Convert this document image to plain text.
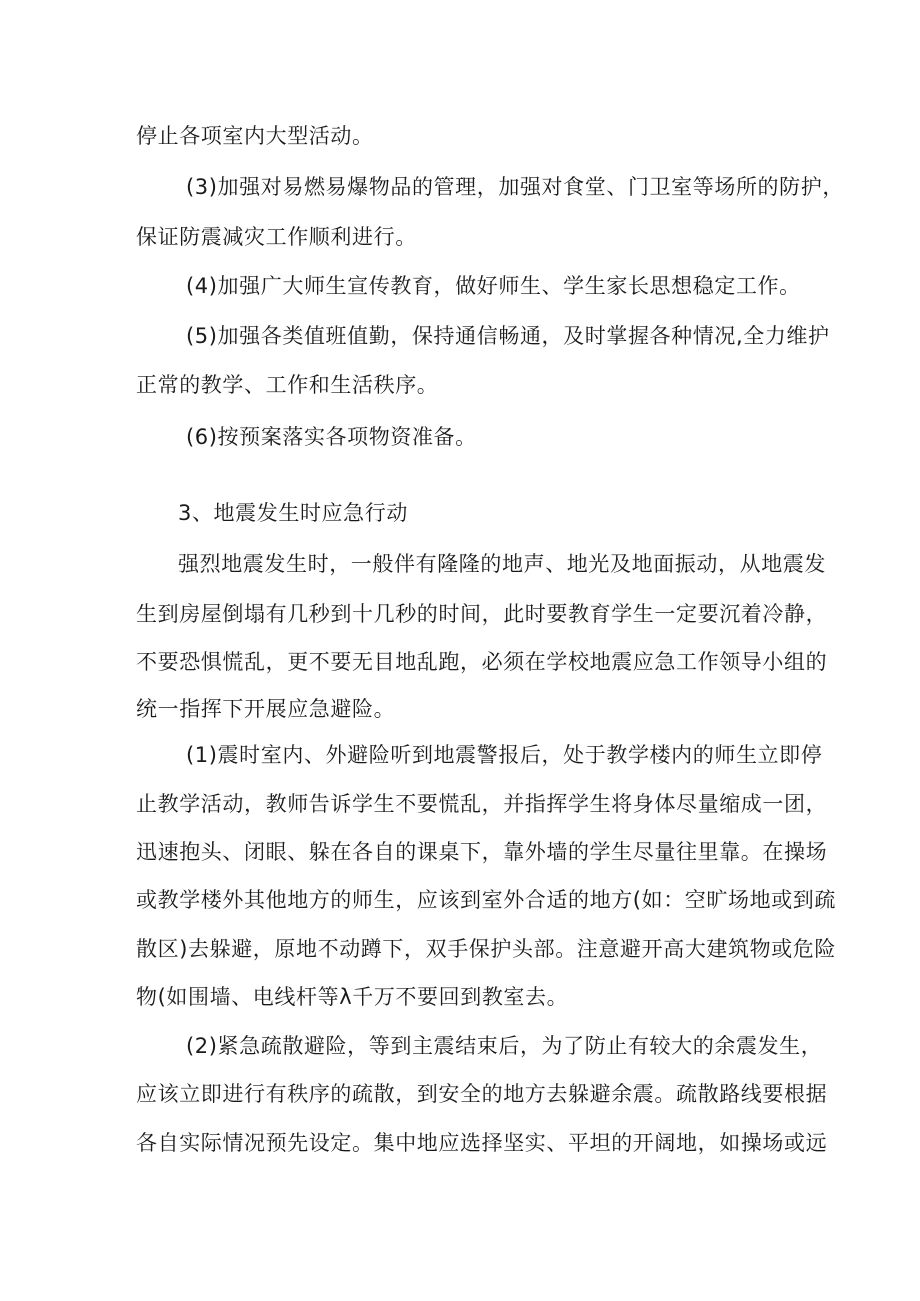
停止各项室内大型活动。
(3)加强对易燃易爆物品的管理，加强对食堂、门卫室等场所的防护，
保证防震减灾工作顺利进行。
(4)加强广大师生宣传教育，做好师生、学生家长思想稳定工作。
(5)加强各类值班值勤，保持通信畅通，及时掌握各种情况,全力维护
正常的教学、工作和生活秩序。
(6)按预案落实各项物资准备。
3、地震发生时应急行动
强烈地震发生时，一般伴有隆隆的地声、地光及地面振动，从地震发
生到房屋倒塌有几秒到十几秒的时间，此时要教育学生一定要沉着冷静，
不要恐惧慌乱，更不要无目地乱跑，必须在学校地震应急工作领导小组的
统一指挥下开展应急避险。
(1)震时室内、外避险听到地震警报后，处于教学楼内的师生立即停
止教学活动，教师告诉学生不要慌乱，并指挥学生将身体尽量缩成一团，
迅速抱头、闭眼、躲在各自的课桌下，靠外墙的学生尽量往里靠。在操场
或教学楼外其他地方的师生，应该到室外合适的地方(如：空旷场地或到疏
散区)去躲避，原地不动蹲下，双手保护头部。注意避开高大建筑物或危险
物(如围墙、电线杆等λ千万不要回到教室去。
(2)紧急疏散避险，等到主震结束后，为了防止有较大的余震发生，
应该立即进行有秩序的疏散，到安全的地方去躲避余震。疏散路线要根据
各自实际情况预先设定。集中地应选择坚实、平坦的开阔地，如操场或远
